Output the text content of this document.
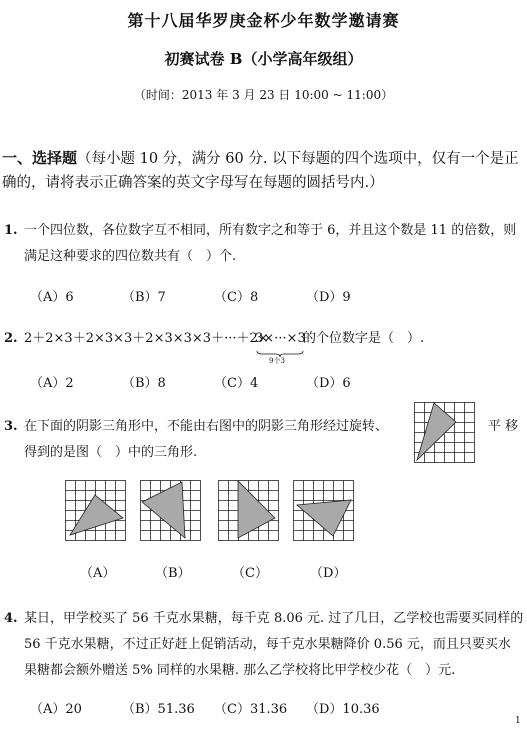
第十八届华罗庚金杯少年数学邀请赛
初赛试卷 B（小学高年级组）
（时间：2013 年 3 月 23 日 10:00 ~ 11:00）
一、选择题（每小题 10 分，满分 60 分. 以下每题的四个选项中，仅有一个是正确的，请将表示正确答案的英文字母写在每题的圆括号内.）
1. 一个四位数，各位数字互不相同，所有数字之和等于 6，并且这个数是 11 的倍数，则
满足这种要求的四位数共有（　）个.
（A）6	（B）7	（C）8	（D）9
2. 2＋2×3＋2×3×3＋2×3×3×3＋···＋2×
3×···×3
9个3
的个位数字是（　）.
（A）2	（B）8	（C）4	（D）6
3. 在下面的阴影三角形中，不能由右图中的阴影三角形经过旋转、	平 移
得到的是图（　）中的三角形.
（A）	（B）	（C）	（D）
4. 某日，甲学校买了 56 千克水果糖，每千克 8.06 元. 过了几日，乙学校也需要买同样的
56 千克水果糖，不过正好赶上促销活动，每千克水果糖降价 0.56 元，而且只要买水
果糖都会额外赠送 5% 同样的水果糖. 那么乙学校将比甲学校少花（　）元.
（A）20	（B）51.36 （C）31.36 （D）10.36
1
